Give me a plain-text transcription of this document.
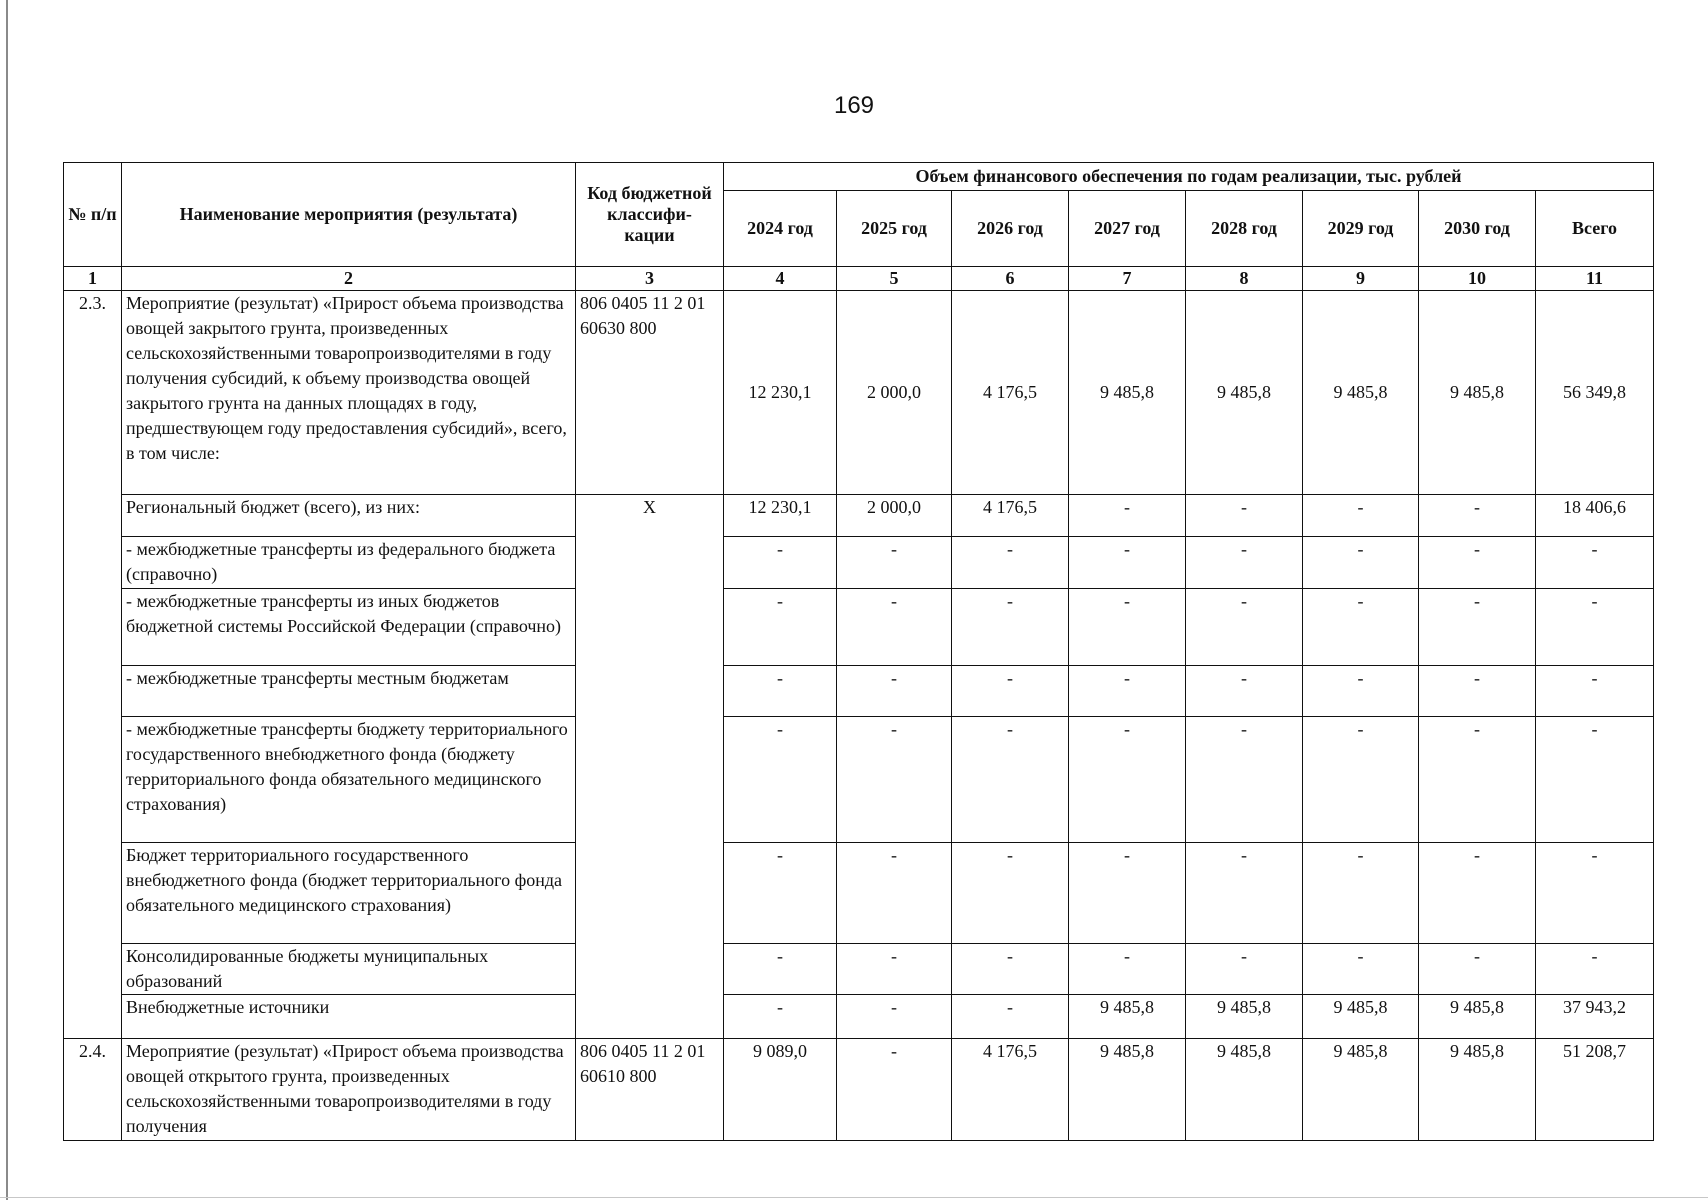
169
№ п/п	Наименование мероприятия (результата)	Код бюджетной классифи- кации	Объем финансового обеспечения по годам реализации, тыс. рублей							
			2024 год	2025 год	2026 год	2027 год	2028 год	2029 год	2030 год	Всего
1	2	3	4	5	6	7	8	9	10	11
2.3.	Мероприятие (результат) «Прирост объема производства овощей закрытого грунта, произведенных сельскохозяйственными товаропроизводителями в году получения субсидий, к объему производства овощей закрытого грунта на данных площадях в году, предшествующем году предоставления субсидий», всего, в том числе:	806 0405 11 2 01 60630 800	12 230,1	2 000,0	4 176,5	9 485,8	9 485,8	9 485,8	9 485,8	56 349,8
	Региональный бюджет (всего), из них:	X	12 230,1	2 000,0	4 176,5	-	-	-	-	18 406,6
	- межбюджетные трансферты из федерального бюджета (справочно)		-	-	-	-	-	-	-	-
	- межбюджетные трансферты из иных бюджетов бюджетной системы Российской Федерации (справочно)		-	-	-	-	-	-	-	-
	- межбюджетные трансферты местным бюджетам		-	-	-	-	-	-	-	-
	- межбюджетные трансферты бюджету территориального государственного внебюджетного фонда (бюджету территориального фонда обязательного медицинского страхования)		-	-	-	-	-	-	-	-
	Бюджет территориального государственного внебюджетного фонда (бюджет территориального фонда обязательного медицинского страхования)		-	-	-	-	-	-	-	-
	Консолидированные бюджеты муниципальных образований		-	-	-	-	-	-	-	-
	Внебюджетные источники		-	-	-	9 485,8	9 485,8	9 485,8	9 485,8	37 943,2
2.4.	Мероприятие (результат) «Прирост объема производства овощей открытого грунта, произведенных сельскохозяйственными товаропроизводителями в году получения	806 0405 11 2 01 60610 800	9 089,0	-	4 176,5	9 485,8	9 485,8	9 485,8	9 485,8	51 208,7
